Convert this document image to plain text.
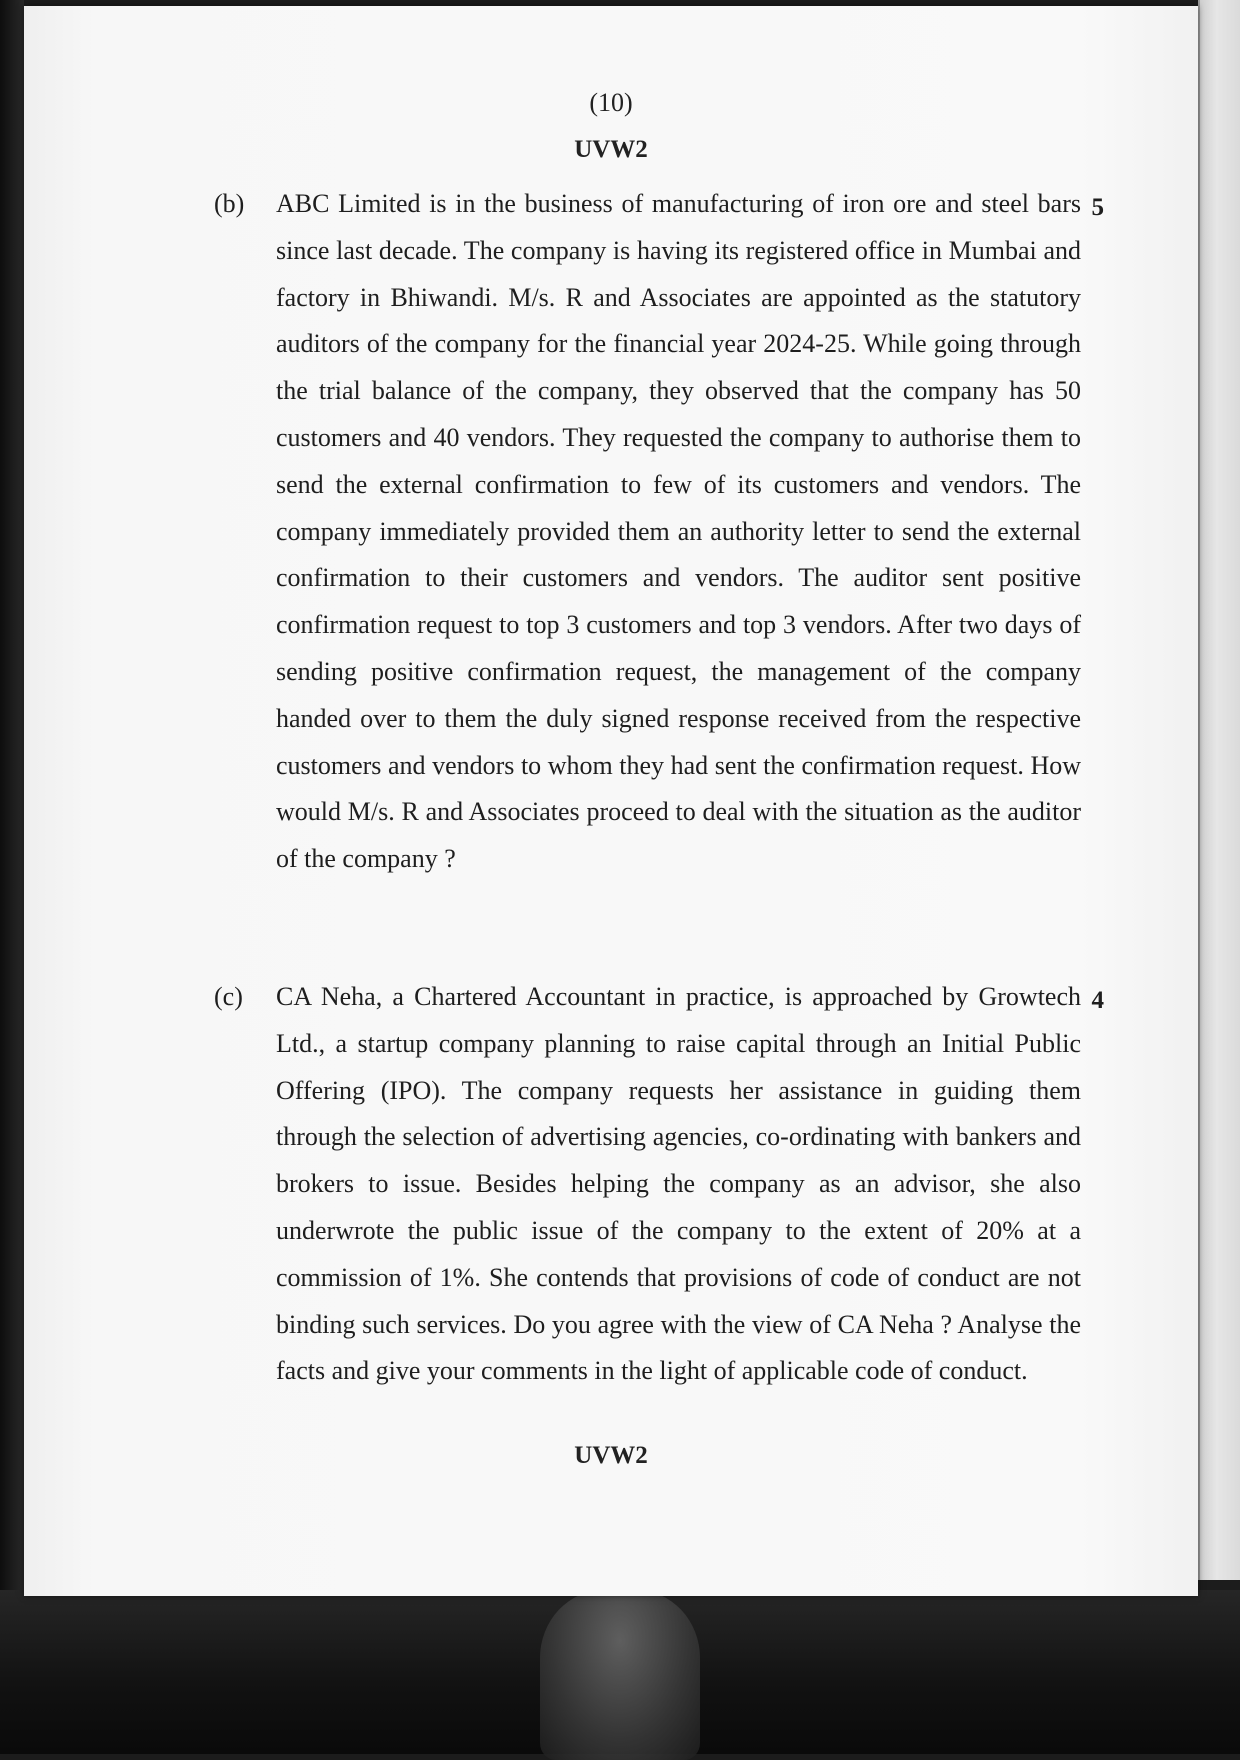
(10)
UVW2
(b) ABC Limited is in the business of manufacturing of iron ore and steel bars since last decade. The company is having its registered office in Mumbai and factory in Bhiwandi. M/s. R and Associates are appointed as the statutory auditors of the company for the financial year 2024-25. While going through the trial balance of the company, they observed that the company has 50 customers and 40 vendors. They requested the company to authorise them to send the external confirmation to few of its customers and vendors. The company immediately provided them an authority letter to send the external confirmation to their customers and vendors. The auditor sent positive confirmation request to top 3 customers and top 3 vendors. After two days of sending positive confirmation request, the management of the company handed over to them the duly signed response received from the respective customers and vendors to whom they had sent the confirmation request. How would M/s. R and Associates proceed to deal with the situation as the auditor of the company ?
5
(c) CA Neha, a Chartered Accountant in practice, is approached by Growtech Ltd., a startup company planning to raise capital through an Initial Public Offering (IPO). The company requests her assistance in guiding them through the selection of advertising agencies, co-ordinating with bankers and brokers to issue. Besides helping the company as an advisor, she also underwrote the public issue of the company to the extent of 20% at a commission of 1%. She contends that provisions of code of conduct are not binding such services. Do you agree with the view of CA Neha ? Analyse the facts and give your comments in the light of applicable code of conduct.
4
UVW2
